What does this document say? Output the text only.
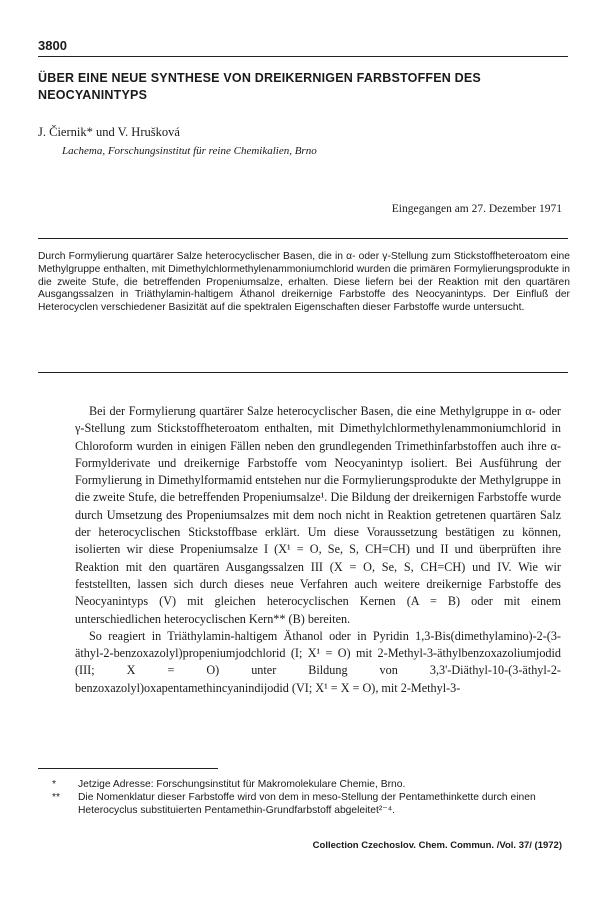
3800
ÜBER EINE NEUE SYNTHESE VON DREIKERNIGEN FARBSTOFFEN DES NEOCYANINTYPS
J. Čiernik* und V. Hrušková
Lachema, Forschungsinstitut für reine Chemikalien, Brno
Eingegangen am 27. Dezember 1971
Durch Formylierung quartärer Salze heterocyclischer Basen, die in α- oder γ-Stellung zum Stickstoffheteroatom eine Methylgruppe enthalten, mit Dimethylchlormethylenammoniumchlorid wurden die primären Formylierungsprodukte in die zweite Stufe, die betreffenden Propeniumsalze, erhalten. Diese liefern bei der Reaktion mit den quartären Ausgangssalzen in Triäthylamin-haltigem Äthanol dreikernige Farbstoffe des Neocyanintyps. Der Einfluß der Heterocyclen verschiedener Basizität auf die spektralen Eigenschaften dieser Farbstoffe wurde untersucht.

Bei der Formylierung quartärer Salze heterocyclischer Basen, die eine Methylgruppe in α- oder γ-Stellung zum Stickstoffheteroatom enthalten, mit Dimethylchlormethylenammoniumchlorid in Chloroform wurden in einigen Fällen neben den grundlegenden Trimethinfarbstoffen auch ihre α-Formylderivate und dreikernige Farbstoffe vom Neocyanintyp isoliert. Bei Ausführung der Formylierung in Dimethylformamid entstehen nur die Formylierungsprodukte der Methylgruppe in die zweite Stufe, die betreffenden Propeniumsalze¹. Die Bildung der dreikernigen Farbstoffe wurde durch Umsetzung des Propeniumsalzes mit dem noch nicht in Reaktion getretenen quartären Salz der heterocyclischen Stickstoffbase erklärt. Um diese Voraussetzung bestätigen zu können, isolierten wir diese Propeniumsalze I (X¹ = O, Se, S, CH=CH) und II und überprüften ihre Reaktion mit den quartären Ausgangssalzen III (X = O, Se, S, CH=CH) und IV. Wie wir feststellten, lassen sich durch dieses neue Verfahren auch weitere dreikernige Farbstoffe des Neocyanintyps (V) mit gleichen heterocyclischen Kernen (A = B) oder mit einem unterschiedlichen heterocyclischen Kern** (B) bereiten.

So reagiert in Triäthylamin-haltigem Äthanol oder in Pyridin 1,3-Bis(dimethylamino)-2-(3-äthyl-2-benzoxazolyl)propeniumjodchlorid (I; X¹ = O) mit 2-Methyl-3-äthylbenzoxazoliumjodid (III; X = O) unter Bildung von 3,3'-Diäthyl-10-(3-äthyl-2-benzoxazolyl)oxapentamethincyanindijodid (VI; X¹ = X = O), mit 2-Methyl-3-

*	Jetzige Adresse: Forschungsinstitut für Makromolekulare Chemie, Brno.
**	Die Nomenklatur dieser Farbstoffe wird von dem in meso-Stellung der Pentamethinkette durch einen Heterocyclus substituierten Pentamethin-Grundfarbstoff abgeleitet²⁻⁴.
Collection Czechoslov. Chem. Commun. /Vol. 37/ (1972)
